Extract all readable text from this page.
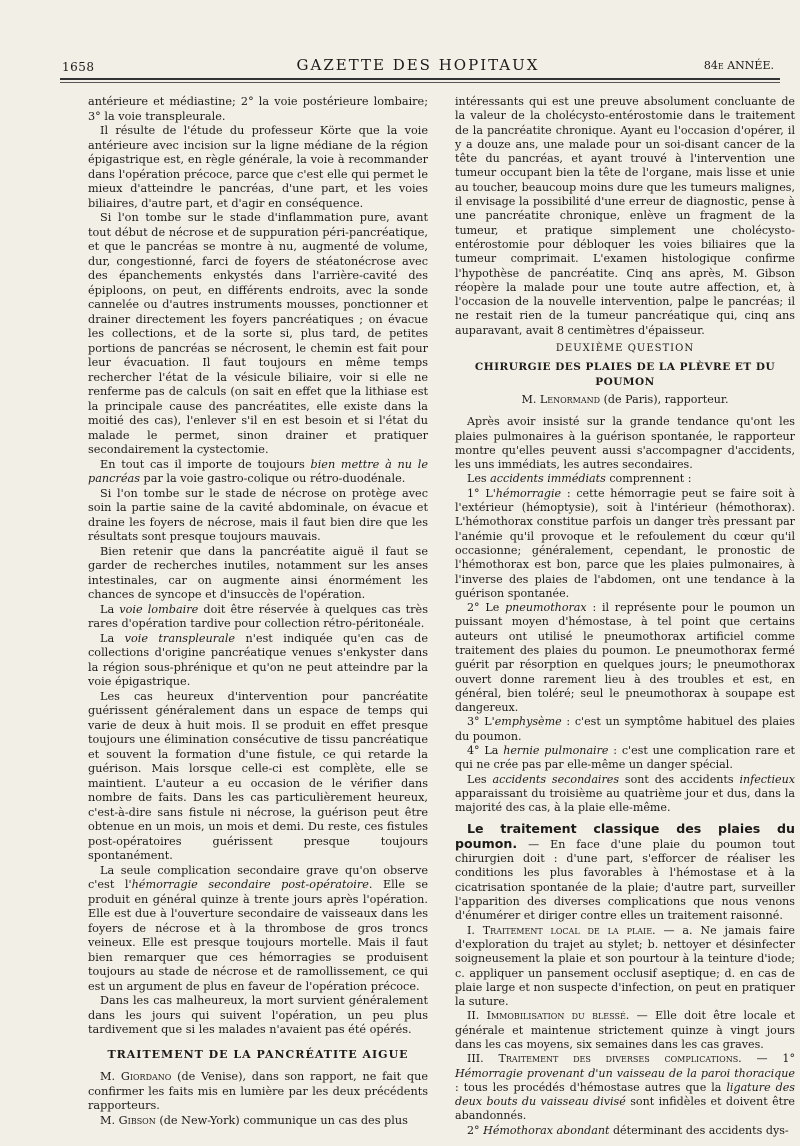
1658	GAZETTE DES HOPITAUX	84e ANNÉE.

antérieure et médiastine; 2° la voie postérieure lombaire; 3° la voie transpleurale.

Il résulte de l'étude du professeur Körte que la voie antérieure avec incision sur la ligne médiane de la région épigastrique est, en règle générale, la voie à recommander dans l'opération précoce, parce que c'est elle qui permet le mieux d'atteindre le pancréas, d'une part, et les voies biliaires, d'autre part, et d'agir en conséquence.

Si l'on tombe sur le stade d'inflammation pure, avant tout début de nécrose et de suppuration péri-pancréatique, et que le pancréas se montre à nu, augmenté de volume, dur, congestionné, farci de foyers de stéatonécrose avec des épanchements enkystés dans l'arrière-cavité des épiploons, on peut, en différents endroits, avec la sonde cannelée ou d'autres instruments mousses, ponctionner et drainer directement les foyers pancréatiques ; on évacue les collections, et de la sorte si, plus tard, de petites portions de pancréas se nécrosent, le chemin est fait pour leur évacuation. Il faut toujours en même temps rechercher l'état de la vésicule biliaire, voir si elle ne renferme pas de calculs (on sait en effet que la lithiase est la principale cause des pancréatites, elle existe dans la moitié des cas), l'enlever s'il en est besoin et si l'état du malade le permet, sinon drainer et pratiquer secondairement la cystectomie.

En tout cas il importe de toujours bien mettre à nu le pancréas par la voie gastro-colique ou rétro-duodénale.

Si l'on tombe sur le stade de nécrose on protège avec soin la partie saine de la cavité abdominale, on évacue et draine les foyers de nécrose, mais il faut bien dire que les résultats sont presque toujours mauvais.

Bien retenir que dans la pancréatite aiguë il faut se garder de recherches inutiles, notamment sur les anses intestinales, car on augmente ainsi énormément les chances de syncope et d'insuccès de l'opération.

La voie lombaire doit être réservée à quelques cas très rares d'opération tardive pour collection rétro-péritonéale.

La voie transpleurale n'est indiquée qu'en cas de collections d'origine pancréatique venues s'enkyster dans la région sous-phrénique et qu'on ne peut atteindre par la voie épigastrique.

Les cas heureux d'intervention pour pancréatite guérissent généralement dans un espace de temps qui varie de deux à huit mois. Il se produit en effet presque toujours une élimination consécutive de tissu pancréatique et souvent la formation d'une fistule, ce qui retarde la guérison. Mais lorsque celle-ci est complète, elle se maintient. L'auteur a eu occasion de le vérifier dans nombre de faits. Dans les cas particulièrement heureux, c'est-à-dire sans fistule ni nécrose, la guérison peut être obtenue en un mois, un mois et demi. Du reste, ces fistules post-opératoires guérissent presque toujours spontanément.

La seule complication secondaire grave qu'on observe c'est l'hémorragie secondaire post-opératoire. Elle se produit en général quinze à trente jours après l'opération. Elle est due à l'ouverture secondaire de vaisseaux dans les foyers de nécrose et à la thrombose de gros troncs veineux. Elle est presque toujours mortelle. Mais il faut bien remarquer que ces hémorragies se produisent toujours au stade de nécrose et de ramollissement, ce qui est un argument de plus en faveur de l'opération précoce.

Dans les cas malheureux, la mort survient généralement dans les jours qui suivent l'opération, un peu plus tardivement que si les malades n'avaient pas été opérés.

TRAITEMENT DE LA PANCRÉATITE AIGUE

M. Giordano (de Venise), dans son rapport, ne fait que confirmer les faits mis en lumière par les deux précédents rapporteurs.

M. Gibson (de New-York) communique un cas des plus

intéressants qui est une preuve absolument concluante de la valeur de la cholécysto-entérostomie dans le traitement de la pancréatite chronique. Ayant eu l'occasion d'opérer, il y a douze ans, une malade pour un soi-disant cancer de la tête du pancréas, et ayant trouvé à l'intervention une tumeur occupant bien la tête de l'organe, mais lisse et unie au toucher, beaucoup moins dure que les tumeurs malignes, il envisage la possibilité d'une erreur de diagnostic, pense à une pancréatite chronique, enlève un fragment de la tumeur, et pratique simplement une cholécysto-entérostomie pour débloquer les voies biliaires que la tumeur comprimait. L'examen histologique confirme l'hypothèse de pancréatite. Cinq ans après, M. Gibson réopère la malade pour une toute autre affection, et, à l'occasion de la nouvelle intervention, palpe le pancréas; il ne restait rien de la tumeur pancréatique qui, cinq ans auparavant, avait 8 centimètres d'épaisseur.

DEUXIÈME QUESTION
CHIRURGIE DES PLAIES DE LA PLÈVRE ET DU POUMON
M. Lenormand (de Paris), rapporteur.

Après avoir insisté sur la grande tendance qu'ont les plaies pulmonaires à la guérison spontanée, le rapporteur montre qu'elles peuvent aussi s'accompagner d'accidents, les uns immédiats, les autres secondaires.

Les accidents immédiats comprennent :

1° L'hémorragie : cette hémorragie peut se faire soit à l'extérieur (hémoptysie), soit à l'intérieur (hémothorax). L'hémothorax constitue parfois un danger très pressant par l'anémie qu'il provoque et le refoulement du cœur qu'il occasionne; généralement, cependant, le pronostic de l'hémothorax est bon, parce que les plaies pulmonaires, à l'inverse des plaies de l'abdomen, ont une tendance à la guérison spontanée.

2° Le pneumothorax : il représente pour le poumon un puissant moyen d'hémostase, à tel point que certains auteurs ont utilisé le pneumothorax artificiel comme traitement des plaies du poumon. Le pneumothorax fermé guérit par résorption en quelques jours; le pneumothorax ouvert donne rarement lieu à des troubles et est, en général, bien toléré; seul le pneumothorax à soupape est dangereux.

3° L'emphysème : c'est un symptôme habituel des plaies du poumon.

4° La hernie pulmonaire : c'est une complication rare et qui ne crée pas par elle-même un danger spécial.

Les accidents secondaires sont des accidents infectieux apparaissant du troisième au quatrième jour et dus, dans la majorité des cas, à la plaie elle-même.

Le traitement classique des plaies du poumon. — En face d'une plaie du poumon tout chirurgien doit : d'une part, s'efforcer de réaliser les conditions les plus favorables à l'hémostase et à la cicatrisation spontanée de la plaie; d'autre part, surveiller l'apparition des diverses complications que nous venons d'énumérer et diriger contre elles un traitement raisonné.

I. Traitement local de la plaie. — a. Ne jamais faire d'exploration du trajet au stylet; b. nettoyer et désinfecter soigneusement la plaie et son pourtour à la teinture d'iode; c. appliquer un pansement occlusif aseptique; d. en cas de plaie large et non suspecte d'infection, on peut en pratiquer la suture.

II. Immobilisation du blessé. — Elle doit être locale et générale et maintenue strictement quinze à vingt jours dans les cas moyens, six semaines dans les cas graves.

III. Traitement des diverses complications. — 1° Hémorragie provenant d'un vaisseau de la paroi thoracique : tous les procédés d'hémostase autres que la ligature des deux bouts du vaisseau divisé sont infidèles et doivent être abandonnés.

2° Hémothorax abondant déterminant des accidents dys-
